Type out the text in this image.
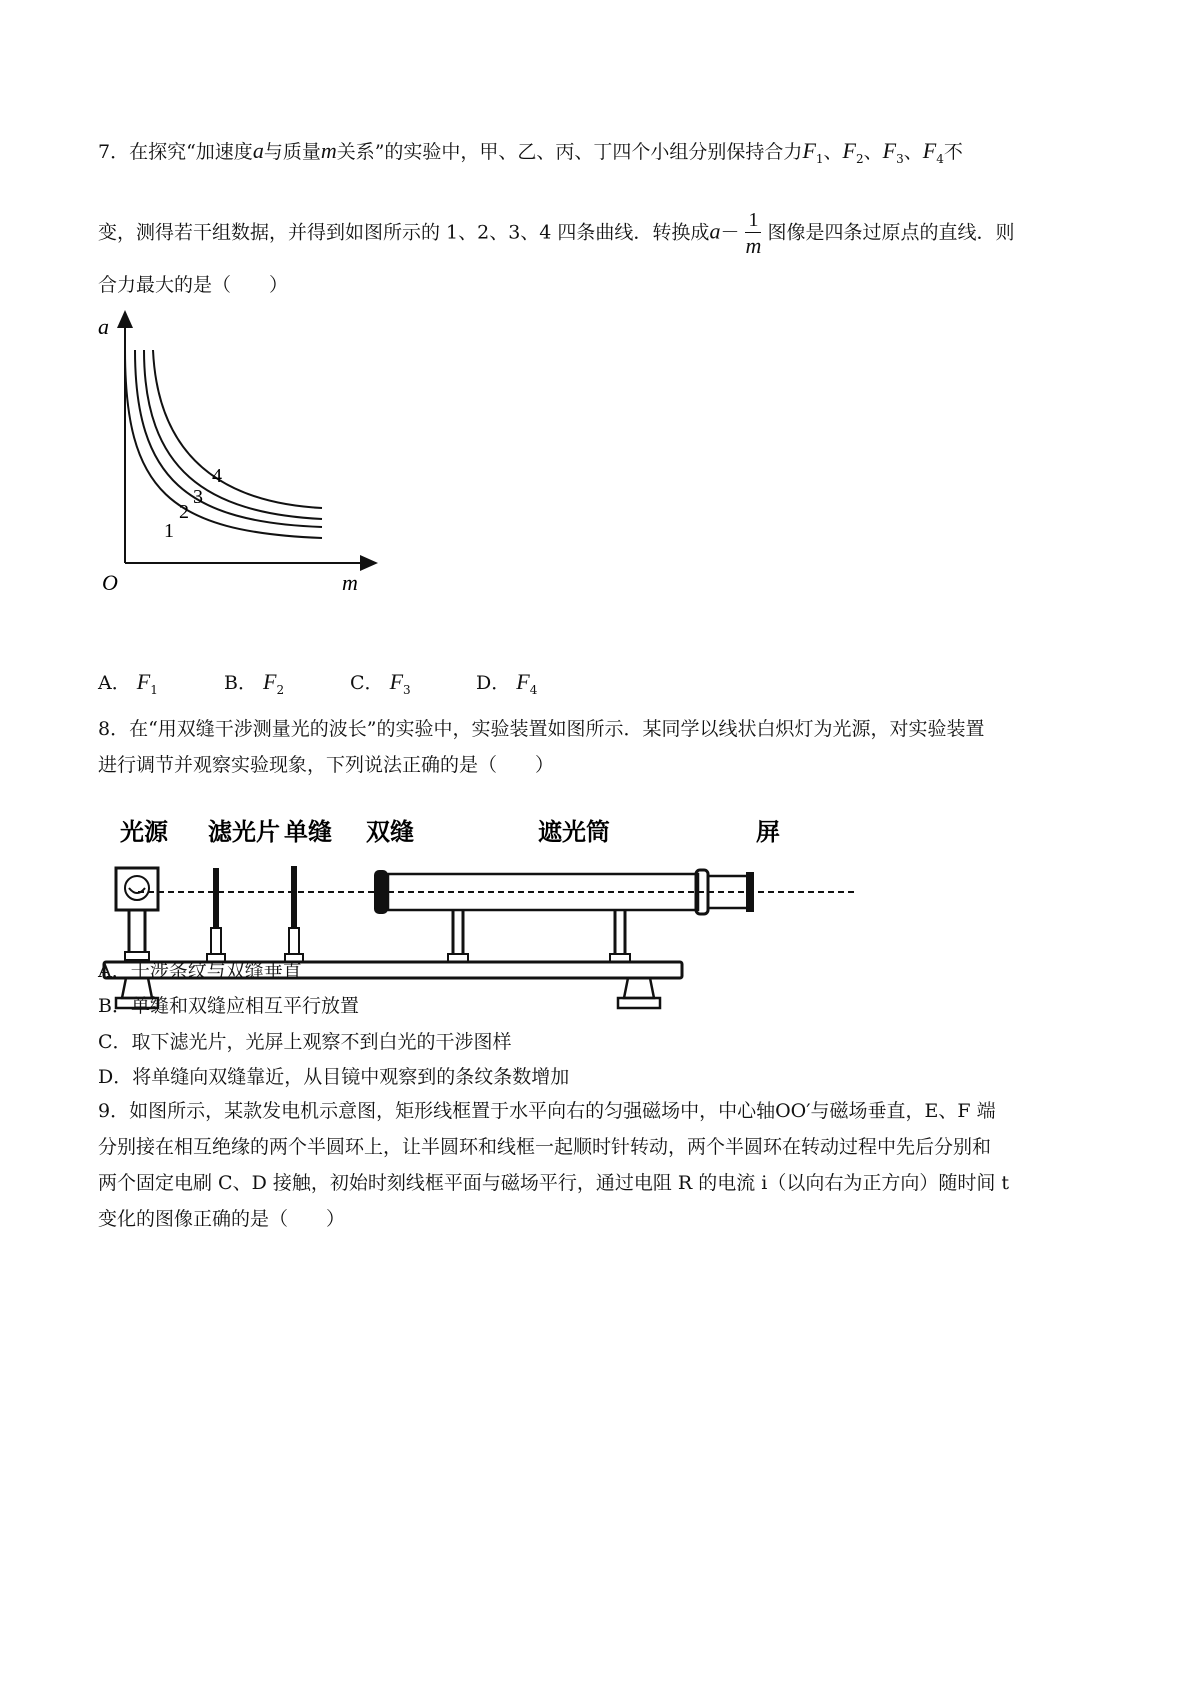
7．在探究“加速度a与质量m关系”的实验中，甲、乙、丙、丁四个小组分别保持合力$F_1$、$F_2$、$F_3$、$F_4$不
变，测得若干组数据，并得到如图所示的 1、2、3、4 四条曲线．转换成$a- \frac{1}{m}$ 图像是四条过原点的直线．则
合力最大的是（　　）
a
m
O
1
2
3
4
A． $F_1$	B． $F_2$	C． $F_3$	D． $F_4$
8．在“用双缝干涉测量光的波长”的实验中，实验装置如图所示．某同学以线状白炽灯为光源，对实验装置
进行调节并观察实验现象，下列说法正确的是（　　）
光源 滤光片 单缝 双缝	遮光筒	屏
A．干涉条纹与双缝垂直
B．单缝和双缝应相互平行放置
C．取下滤光片，光屏上观察不到白光的干涉图样
D．将单缝向双缝靠近，从目镜中观察到的条纹条数增加
9．如图所示，某款发电机示意图，矩形线框置于水平向右的匀强磁场中，中心轴OO′与磁场垂直，E、F 端
分别接在相互绝缘的两个半圆环上，让半圆环和线框一起顺时针转动，两个半圆环在转动过程中先后分别和
两个固定电刷 C、D 接触，初始时刻线框平面与磁场平行，通过电阻 R 的电流 i（以向右为正方向）随时间 t
变化的图像正确的是（　　）
